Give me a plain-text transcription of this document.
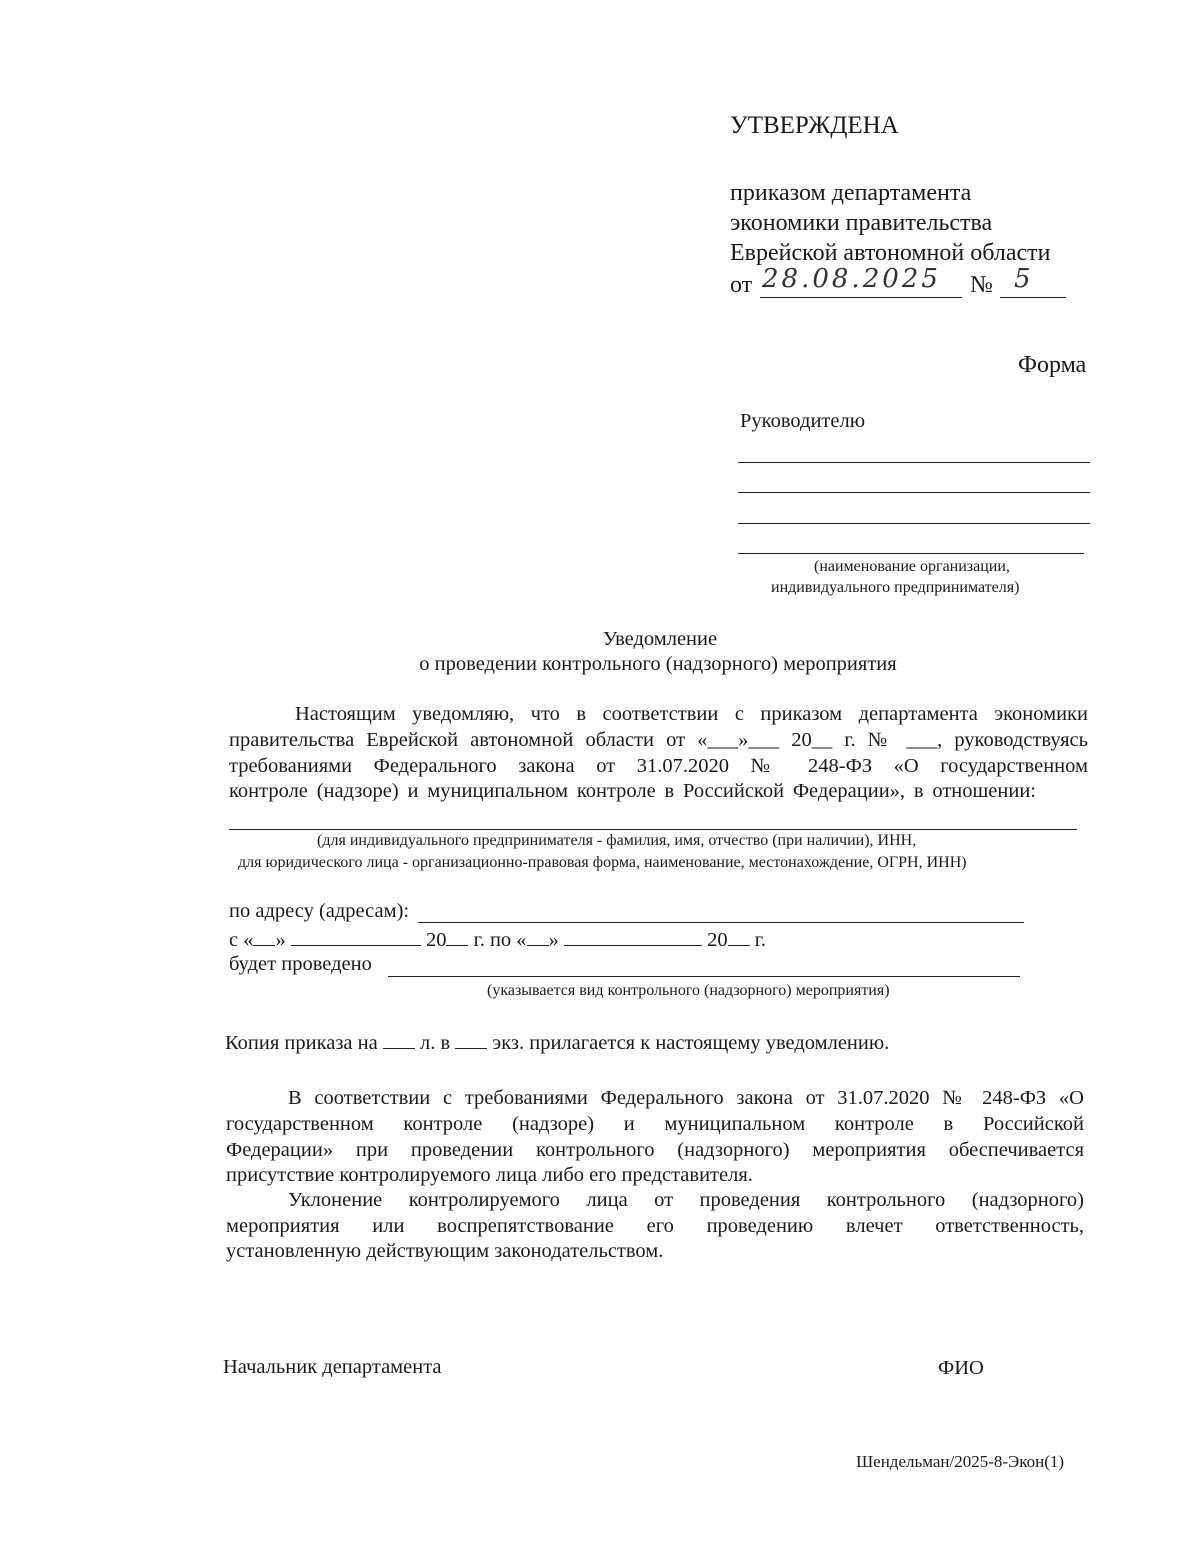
УТВЕРЖДЕНА
приказом департамента
экономики правительства
Еврейской автономной области
от 28.08.2025 № 5
Форма
Руководителю
(наименование организации,
индивидуального предпринимателя)
Уведомление
о проведении контрольного (надзорного) мероприятия
Настоящим уведомляю, что в соответствии с приказом департамента экономики
правительства Еврейской автономной области от «___»___ 20__ г. № ___, руководствуясь
требованиями Федерального закона от 31.07.2020 № 248-ФЗ «О государственном
контроле (надзоре) и муниципальном контроле в Российской Федерации», в отношении:
(для индивидуального предпринимателя - фамилия, имя, отчество (при наличии), ИНН,
для юридического лица - организационно-правовая форма, наименование, местонахождение, ОГРН, ИНН)
по адресу (адресам):
с « »	20 г. по « »	20 г.
будет проведено
(указывается вид контрольного (надзорного) мероприятия)
Копия приказа на л. в экз. прилагается к настоящему уведомлению.
В соответствии с требованиями Федерального закона от 31.07.2020 № 248-ФЗ «О
государственном контроле (надзоре) и муниципальном контроле в Российской
Федерации» при проведении контрольного (надзорного) мероприятия обеспечивается
присутствие контролируемого лица либо его представителя.
Уклонение контролируемого лица от проведения контрольного (надзорного)
мероприятия или воспрепятствование его проведению влечет ответственность,
установленную действующим законодательством.
Начальник департамента	ФИО
Шендельман/2025-8-Экон(1)
